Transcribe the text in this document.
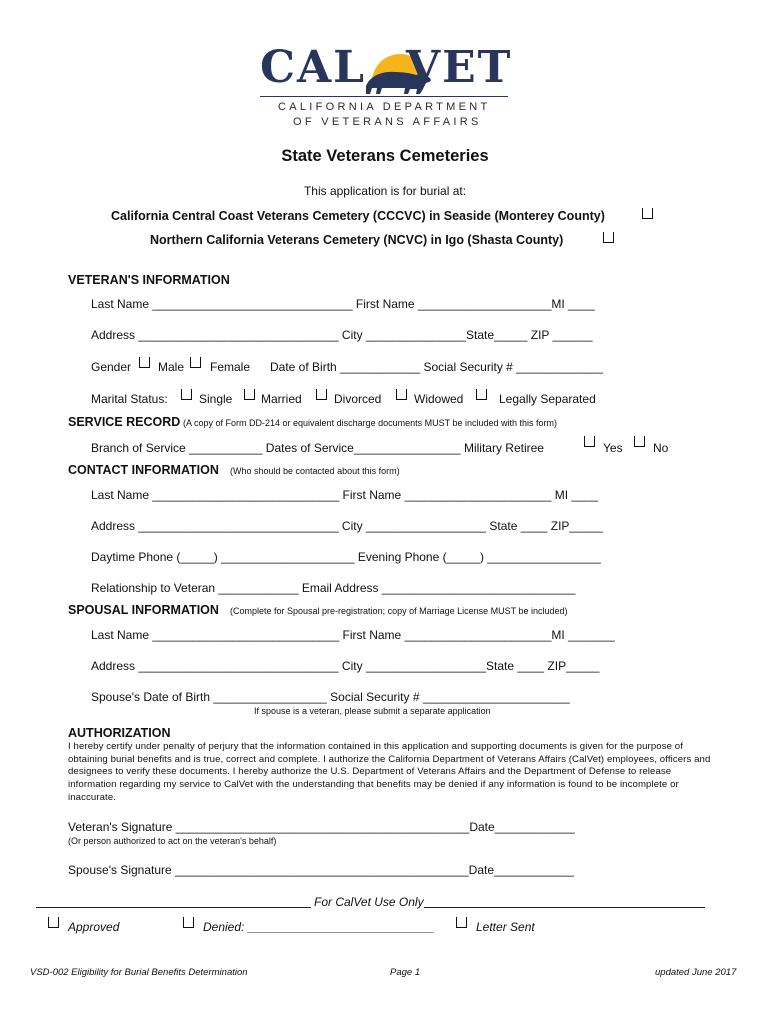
CAL VET
CALIFORNIA DEPARTMENT
OF VETERANS AFFAIRS
State Veterans Cemeteries
This application is for burial at:
California Central Coast Veterans Cemetery (CCCVC) in Seaside (Monterey County)
Northern California Veterans Cemetery (NCVC) in Igo (Shasta County)
VETERAN'S INFORMATION
Last Name ______________________________ First Name ____________________MI ____
Address ______________________________ City _______________State_____ ZIP ______
Gender Male Female Date of Birth ____________ Social Security # _____________
Marital Status:	Single Married	Divorced	Widowed	Legally Separated
SERVICE RECORD (A copy of Form DD-214 or equivalent discharge documents MUST be included with this form)
Branch of Service ___________ Dates of Service________________ Military Retiree	Yes	No
CONTACT INFORMATION (Who should be contacted about this form)
Last Name ____________________________ First Name ______________________ MI ____
Address ______________________________ City __________________ State ____ ZIP_____
Daytime Phone (_____) ____________________ Evening Phone (_____) _________________
Relationship to Veteran ____________ Email Address _____________________________
SPOUSAL INFORMATION (Complete for Spousal pre-registration; copy of Marriage License MUST be included)
Last Name ____________________________ First Name ______________________MI _______
Address ______________________________ City __________________State ____ ZIP_____
Spouse's Date of Birth _________________ Social Security # ______________________
If spouse is a veteran, please submit a separate application
AUTHORIZATION
I hereby certify under penalty of perjury that the information contained in this application and supporting documents is given for the purpose of obtaining burial benefits and is true, correct and complete. I authorize the California Department of Veterans Affairs (CalVet) employees, officers and designees to verify these documents. I hereby authorize the U.S. Department of Veterans Affairs and the Department of Defense to release information regarding my service to CalVet with the understanding that benefits may be denied if any information is found to be incomplete or inaccurate.
Veteran's Signature ____________________________________________Date____________
(Or person authorized to act on the veteran's behalf)
Spouse's Signature ____________________________________________Date____________
For CalVet Use Only
Approved	Denied: ____________________________	Letter Sent
VSD-002 Eligibility for Burial Benefits Determination	Page 1	updated June 2017
